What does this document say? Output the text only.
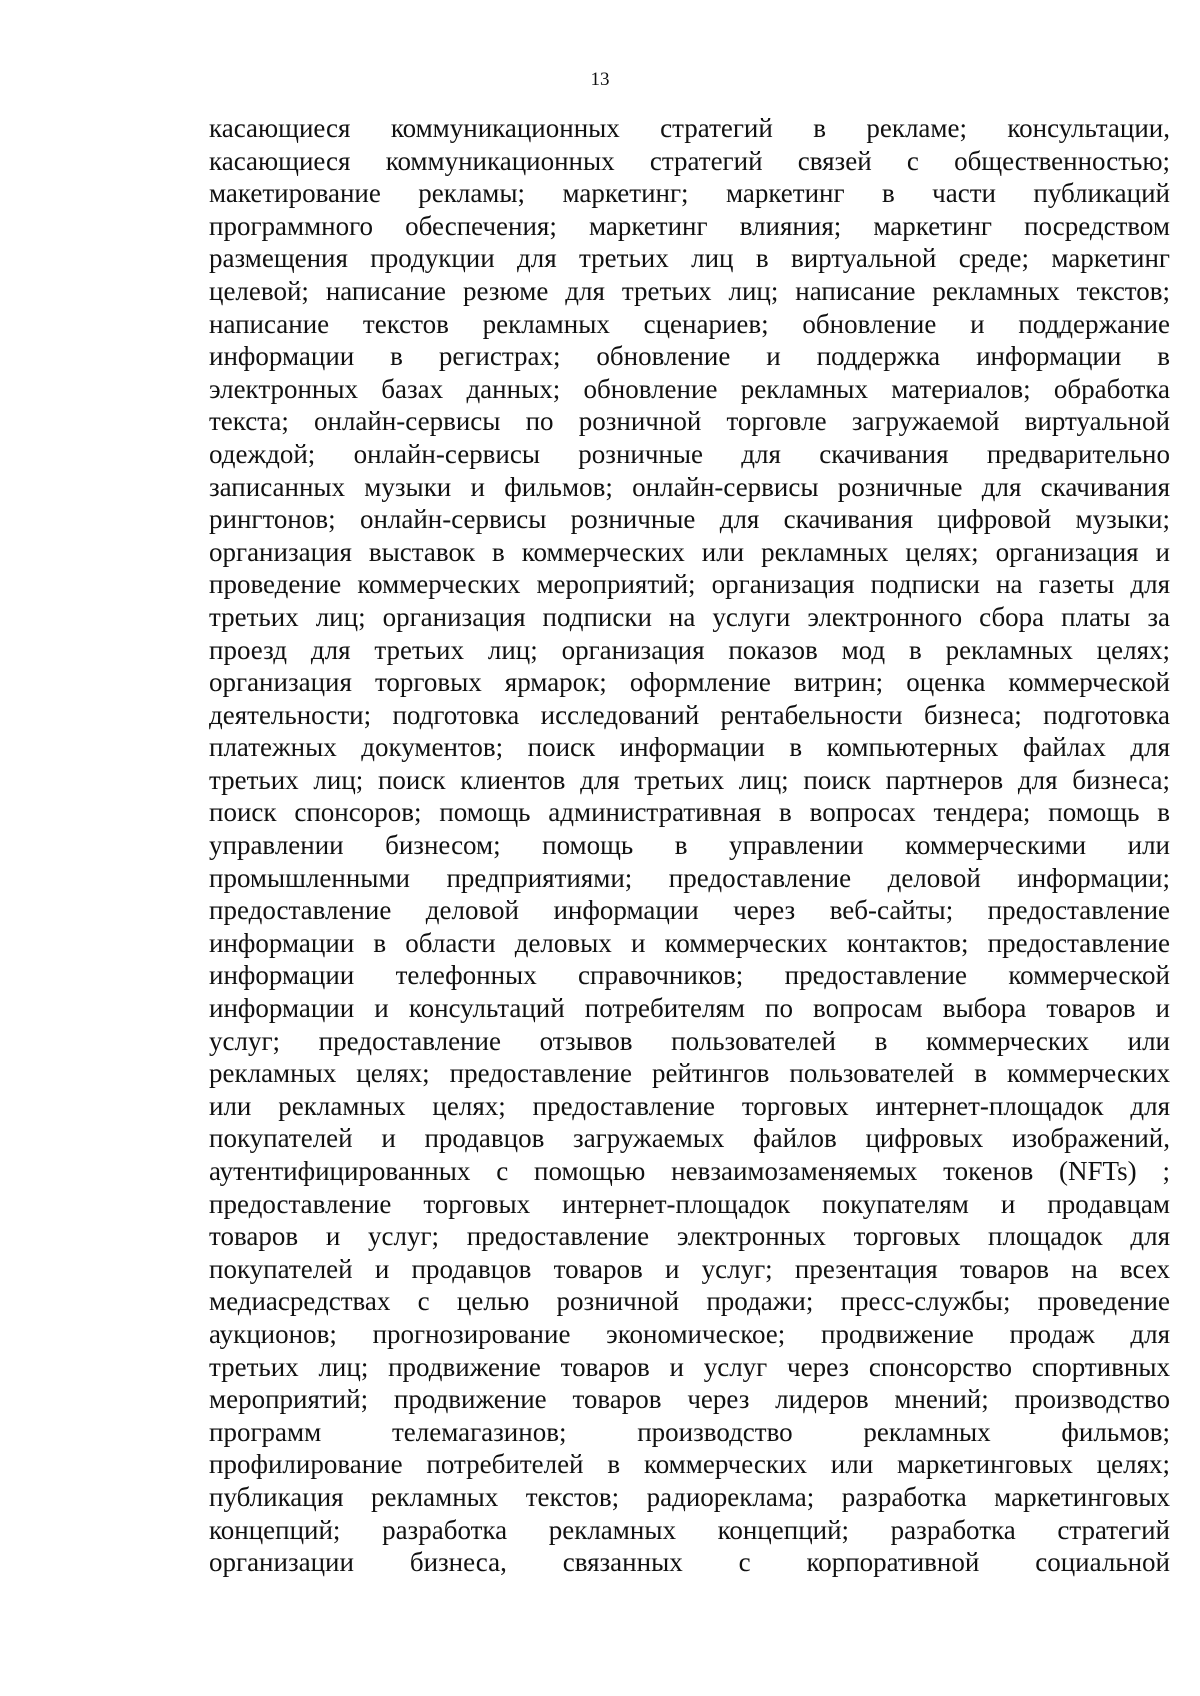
13
касающиеся коммуникационных стратегий в рекламе; консультации,
касающиеся коммуникационных стратегий связей с общественностью;
макетирование рекламы; маркетинг; маркетинг в части публикаций
программного обеспечения; маркетинг влияния; маркетинг посредством
размещения продукции для третьих лиц в виртуальной среде; маркетинг
целевой; написание резюме для третьих лиц; написание рекламных текстов;
написание текстов рекламных сценариев; обновление и поддержание
информации в регистрах; обновление и поддержка информации в
электронных базах данных; обновление рекламных материалов; обработка
текста; онлайн-сервисы по розничной торговле загружаемой виртуальной
одеждой; онлайн-сервисы розничные для скачивания предварительно
записанных музыки и фильмов; онлайн-сервисы розничные для скачивания
рингтонов; онлайн-сервисы розничные для скачивания цифровой музыки;
организация выставок в коммерческих или рекламных целях; организация и
проведение коммерческих мероприятий; организация подписки на газеты для
третьих лиц; организация подписки на услуги электронного сбора платы за
проезд для третьих лиц; организация показов мод в рекламных целях;
организация торговых ярмарок; оформление витрин; оценка коммерческой
деятельности; подготовка исследований рентабельности бизнеса; подготовка
платежных документов; поиск информации в компьютерных файлах для
третьих лиц; поиск клиентов для третьих лиц; поиск партнеров для бизнеса;
поиск спонсоров; помощь административная в вопросах тендера; помощь в
управлении бизнесом; помощь в управлении коммерческими или
промышленными предприятиями; предоставление деловой информации;
предоставление деловой информации через веб-сайты; предоставление
информации в области деловых и коммерческих контактов; предоставление
информации телефонных справочников; предоставление коммерческой
информации и консультаций потребителям по вопросам выбора товаров и
услуг; предоставление отзывов пользователей в коммерческих или
рекламных целях; предоставление рейтингов пользователей в коммерческих
или рекламных целях; предоставление торговых интернет-площадок для
покупателей и продавцов загружаемых файлов цифровых изображений,
аутентифицированных с помощью невзаимозаменяемых токенов (NFTs) ;
предоставление торговых интернет-площадок покупателям и продавцам
товаров и услуг; предоставление электронных торговых площадок для
покупателей и продавцов товаров и услуг; презентация товаров на всех
медиасредствах с целью розничной продажи; пресс-службы; проведение
аукционов; прогнозирование экономическое; продвижение продаж для
третьих лиц; продвижение товаров и услуг через спонсорство спортивных
мероприятий; продвижение товаров через лидеров мнений; производство
программ телемагазинов; производство рекламных фильмов;
профилирование потребителей в коммерческих или маркетинговых целях;
публикация рекламных текстов; радиореклама; разработка маркетинговых
концепций; разработка рекламных концепций; разработка стратегий
организации бизнеса, связанных с корпоративной социальной
